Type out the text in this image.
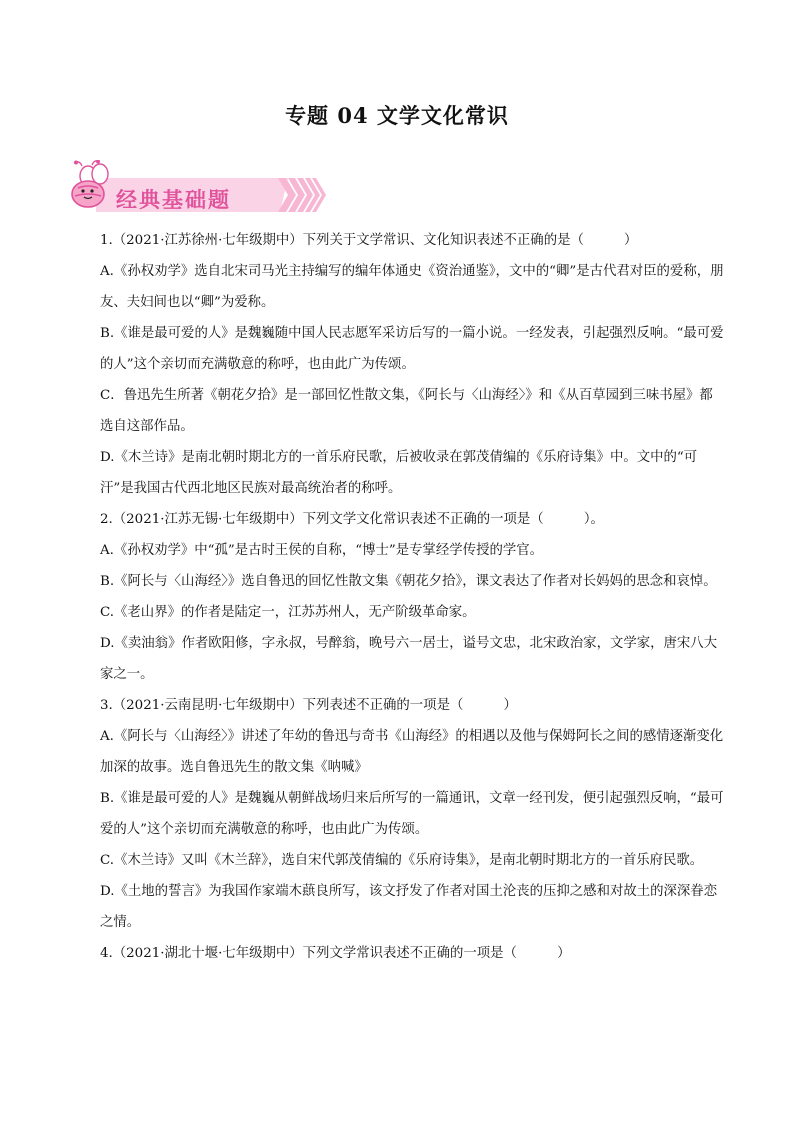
专题 04 文学文化常识
经典基础题

1.（2021·江苏徐州·七年级期中）下列关于文学常识、文化知识表述不正确的是（　　　）

A.《孙权劝学》选自北宋司马光主持编写的编年体通史《资治通鉴》，文中的“卿”是古代君对臣的爱称，朋友、夫妇间也以“卿”为爱称。

B.《谁是最可爱的人》是魏巍随中国人民志愿军采访后写的一篇小说。一经发表，引起强烈反响。“最可爱的人”这个亲切而充满敬意的称呼，也由此广为传颂。

C．鲁迅先生所著《朝花夕拾》是一部回忆性散文集，《阿长与〈山海经〉》和《从百草园到三味书屋》都选自这部作品。

D.《木兰诗》是南北朝时期北方的一首乐府民歌，后被收录在郭茂倩编的《乐府诗集》中。文中的“可汗”是我国古代西北地区民族对最高统治者的称呼。

2.（2021·江苏无锡·七年级期中）下列文学文化常识表述不正确的一项是（　　　）。

A.《孙权劝学》中“孤”是古时王侯的自称，“博士”是专掌经学传授的学官。

B.《阿长与〈山海经〉》选自鲁迅的回忆性散文集《朝花夕拾》，课文表达了作者对长妈妈的思念和哀悼。

C.《老山界》的作者是陆定一，江苏苏州人，无产阶级革命家。

D.《卖油翁》作者欧阳修，字永叔，号醉翁，晚号六一居士，谥号文忠，北宋政治家，文学家，唐宋八大家之一。

3.（2021·云南昆明·七年级期中）下列表述不正确的一项是（　　　）

A.《阿长与〈山海经〉》讲述了年幼的鲁迅与奇书《山海经》的相遇以及他与保姆阿长之间的感情逐渐变化加深的故事。选自鲁迅先生的散文集《呐喊》

B.《谁是最可爱的人》是魏巍从朝鲜战场归来后所写的一篇通讯，文章一经刊发，便引起强烈反响，“最可爱的人”这个亲切而充满敬意的称呼，也由此广为传颂。

C.《木兰诗》又叫《木兰辞》，选自宋代郭茂倩编的《乐府诗集》，是南北朝时期北方的一首乐府民歌。

D.《土地的誓言》为我国作家端木蕻良所写，该文抒发了作者对国土沦丧的压抑之感和对故土的深深眷恋之情。

4.（2021·湖北十堰·七年级期中）下列文学常识表述不正确的一项是（　　　）
